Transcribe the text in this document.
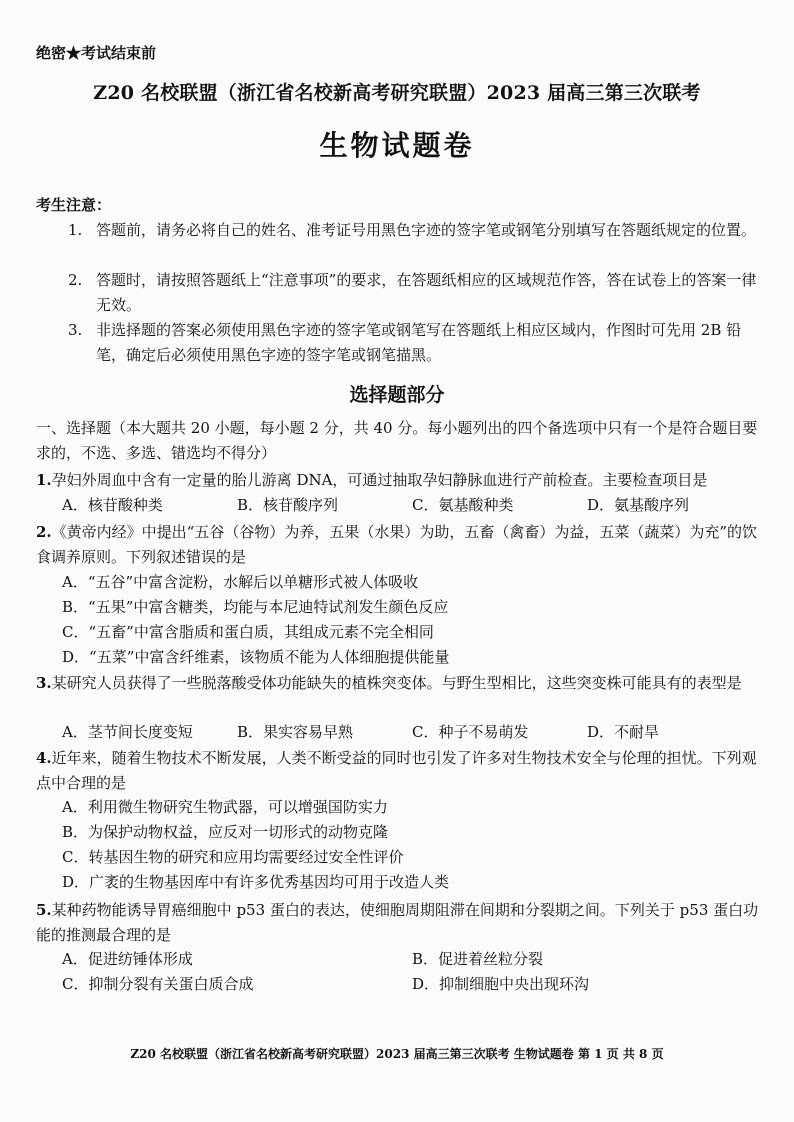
绝密★考试结束前
Z20 名校联盟（浙江省名校新高考研究联盟）2023 届高三第三次联考
生物试题卷
考生注意：
1. 答题前，请务必将自己的姓名、准考证号用黑色字迹的签字笔或钢笔分别填写在答题纸规定的位置。
2. 答题时，请按照答题纸上“注意事项”的要求，在答题纸相应的区域规范作答，答在试卷上的答案一律无效。
3. 非选择题的答案必须使用黑色字迹的签字笔或钢笔写在答题纸上相应区域内，作图时可先用 2B 铅笔，确定后必须使用黑色字迹的签字笔或钢笔描黑。
选择题部分
一、选择题（本大题共 20 小题，每小题 2 分，共 40 分。每小题列出的四个备选项中只有一个是符合题目要求的，不选、多选、错选均不得分）
1.孕妇外周血中含有一定量的胎儿游离 DNA，可通过抽取孕妇静脉血进行产前检查。主要检查项目是
A．核苷酸种类	B．核苷酸序列	C．氨基酸种类	D．氨基酸序列
2.《黄帝内经》中提出“五谷（谷物）为养，五果（水果）为助，五畜（禽畜）为益，五菜（蔬菜）为充”的饮食调养原则。下列叙述错误的是
A．“五谷”中富含淀粉，水解后以单糖形式被人体吸收
B．“五果”中富含糖类，均能与本尼迪特试剂发生颜色反应
C．“五畜”中富含脂质和蛋白质，其组成元素不完全相同
D．“五菜”中富含纤维素，该物质不能为人体细胞提供能量
3.某研究人员获得了一些脱落酸受体功能缺失的植株突变体。与野生型相比，这些突变株可能具有的表型是
A．茎节间长度变短	B．果实容易早熟	C．种子不易萌发	D．不耐旱
4.近年来，随着生物技术不断发展，人类不断受益的同时也引发了许多对生物技术安全与伦理的担忧。下列观点中合理的是
A．利用微生物研究生物武器，可以增强国防实力
B．为保护动物权益，应反对一切形式的动物克隆
C．转基因生物的研究和应用均需要经过安全性评价
D．广袤的生物基因库中有许多优秀基因均可用于改造人类
5.某种药物能诱导胃癌细胞中 p53 蛋白的表达，使细胞周期阻滞在间期和分裂期之间。下列关于 p53 蛋白功能的推测最合理的是
A．促进纺锤体形成	B．促进着丝粒分裂
C．抑制分裂有关蛋白质合成	D．抑制细胞中央出现环沟
Z20 名校联盟（浙江省名校新高考研究联盟）2023 届高三第三次联考 生物试题卷 第 1 页 共 8 页
